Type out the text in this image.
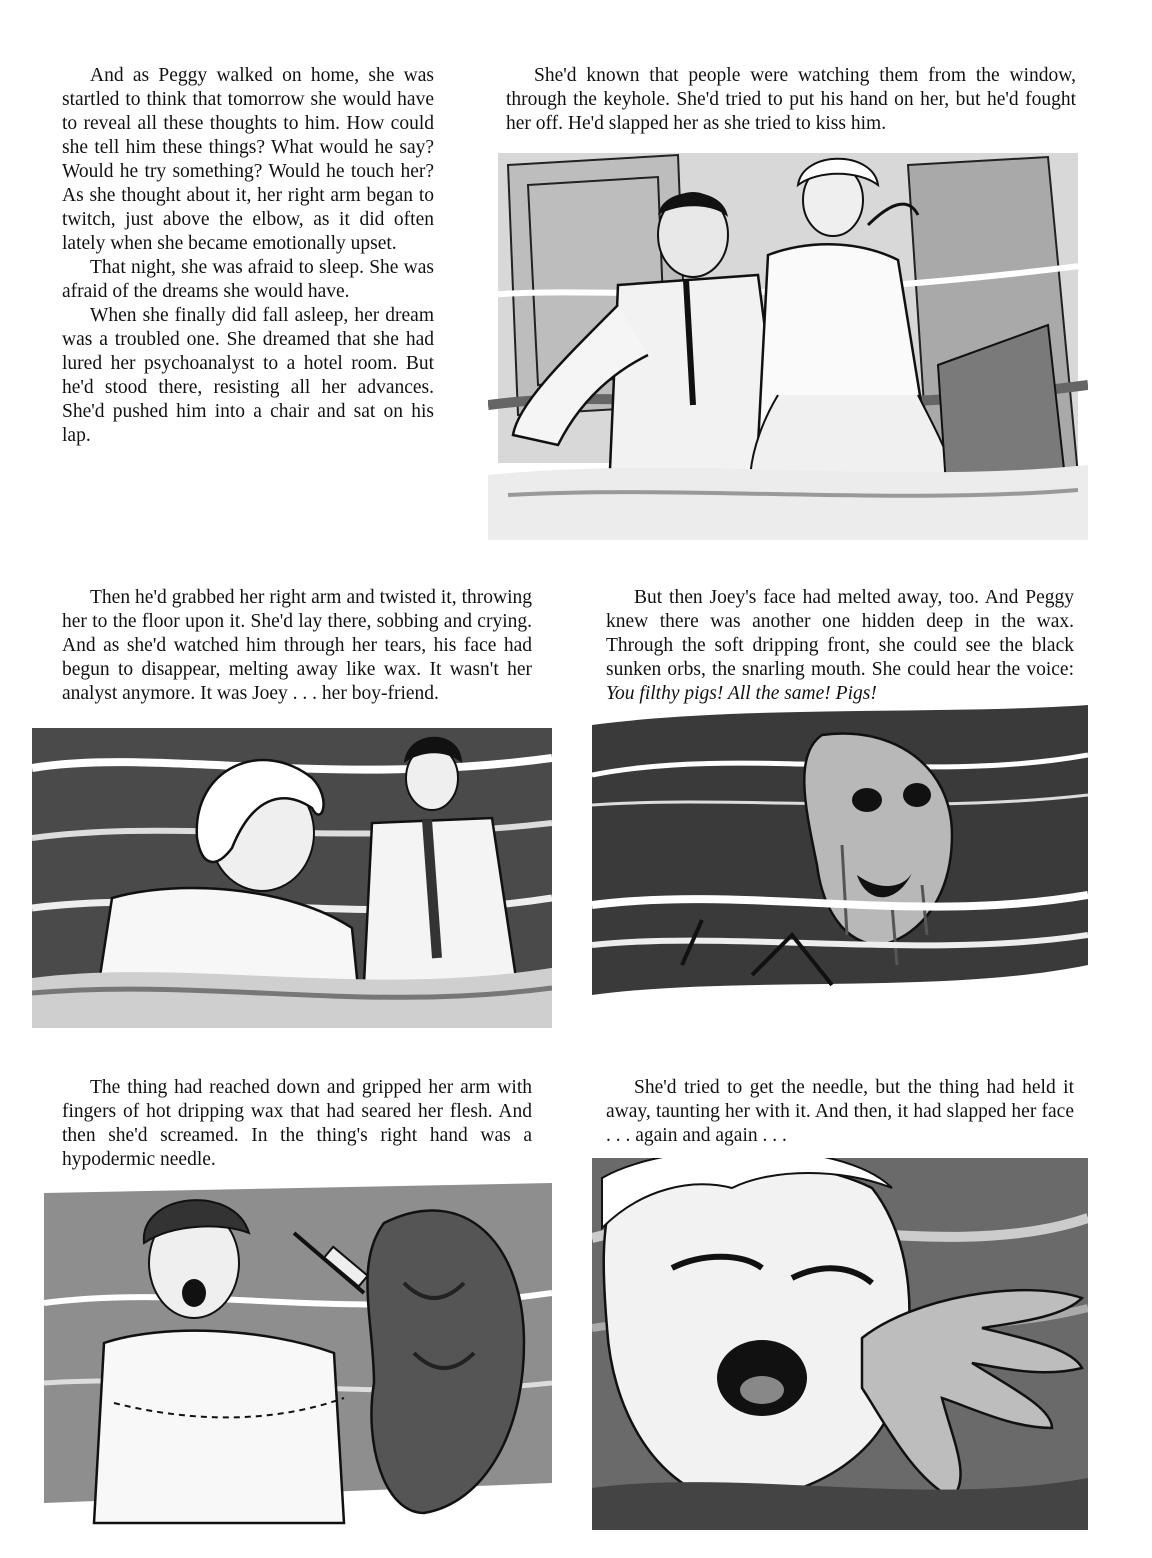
And as Peggy walked on home, she was startled to think that tomorrow she would have to reveal all these thoughts to him. How could she tell him these things? What would he say? Would he try something? Would he touch her? As she thought about it, her right arm began to twitch, just above the elbow, as it did often lately when she became emotionally upset.

That night, she was afraid to sleep. She was afraid of the dreams she would have.

When she finally did fall asleep, her dream was a troubled one. She dreamed that she had lured her psychoanalyst to a hotel room. But he'd stood there, resisting all her advances. She'd pushed him into a chair and sat on his lap.

She'd known that people were watching them from the window, through the keyhole. She'd tried to put his hand on her, but he'd fought her off. He'd slapped her as she tried to kiss him.

Then he'd grabbed her right arm and twisted it, throwing her to the floor upon it. She'd lay there, sobbing and crying. And as she'd watched him through her tears, his face had begun to disappear, melting away like wax. It wasn't her analyst anymore. It was Joey . . . her boy-friend.

But then Joey's face had melted away, too. And Peggy knew there was another one hidden deep in the wax. Through the soft dripping front, she could see the black sunken orbs, the snarling mouth. She could hear the voice: You filthy pigs! All the same! Pigs!

The thing had reached down and gripped her arm with fingers of hot dripping wax that had seared her flesh. And then she'd screamed. In the thing's right hand was a hypodermic needle.

She'd tried to get the needle, but the thing had held it away, taunting her with it. And then, it had slapped her face . . . again and again . . .
